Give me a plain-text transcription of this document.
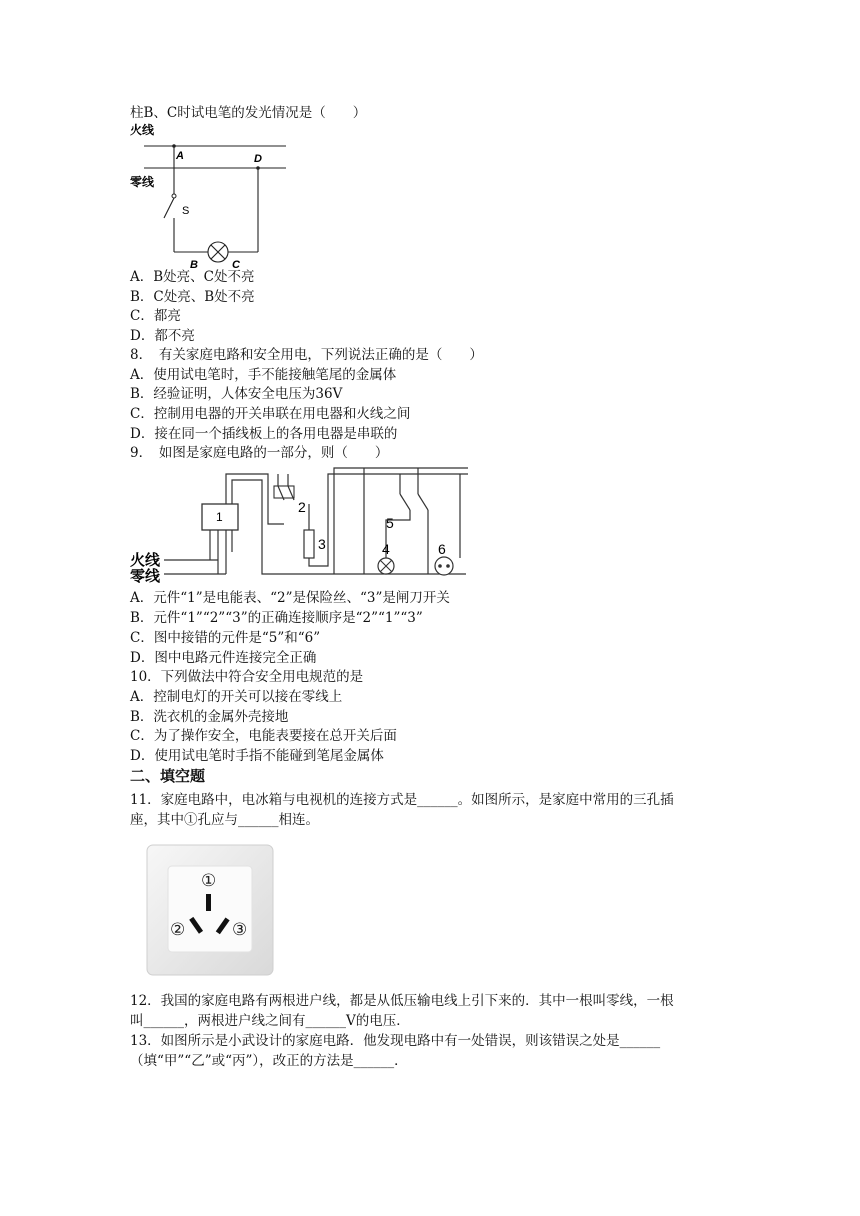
柱B、C时试电笔的发光情况是（　　）
火线
零线
A	D
S
B	C
A．B处亮、C处不亮
B．C处亮、B处不亮
C．都亮
D．都不亮
8．　有关家庭电路和安全用电，下列说法正确的是（　　）
A．使用试电笔时，手不能接触笔尾的金属体
B．经验证明，人体安全电压为36V
C．控制用电器的开关串联在用电器和火线之间
D．接在同一个插线板上的各用电器是串联的
9．　如图是家庭电路的一部分，则（　　）
火线
零线
1
2
3
5
4	6
A．元件“1”是电能表、“2”是保险丝、“3”是闸刀开关
B．元件“1”“2”“3”的正确连接顺序是“2”“1”“3”
C．图中接错的元件是“5”和“6”
D．图中电路元件连接完全正确
10．下列做法中符合安全用电规范的是
A．控制电灯的开关可以接在零线上
B．洗衣机的金属外壳接地
C．为了操作安全，电能表要接在总开关后面
D．使用试电笔时手指不能碰到笔尾金属体
二、填空题
11．家庭电路中，电冰箱与电视机的连接方式是______。如图所示，是家庭中常用的三孔插
座，其中①孔应与______相连。
①
②	③
12．我国的家庭电路有两根进户线，都是从低压输电线上引下来的．其中一根叫零线，一根
叫______，两根进户线之间有______V的电压．
13．如图所示是小武设计的家庭电路．他发现电路中有一处错误，则该错误之处是______
（填“甲”“乙”或“丙”），改正的方法是______．
